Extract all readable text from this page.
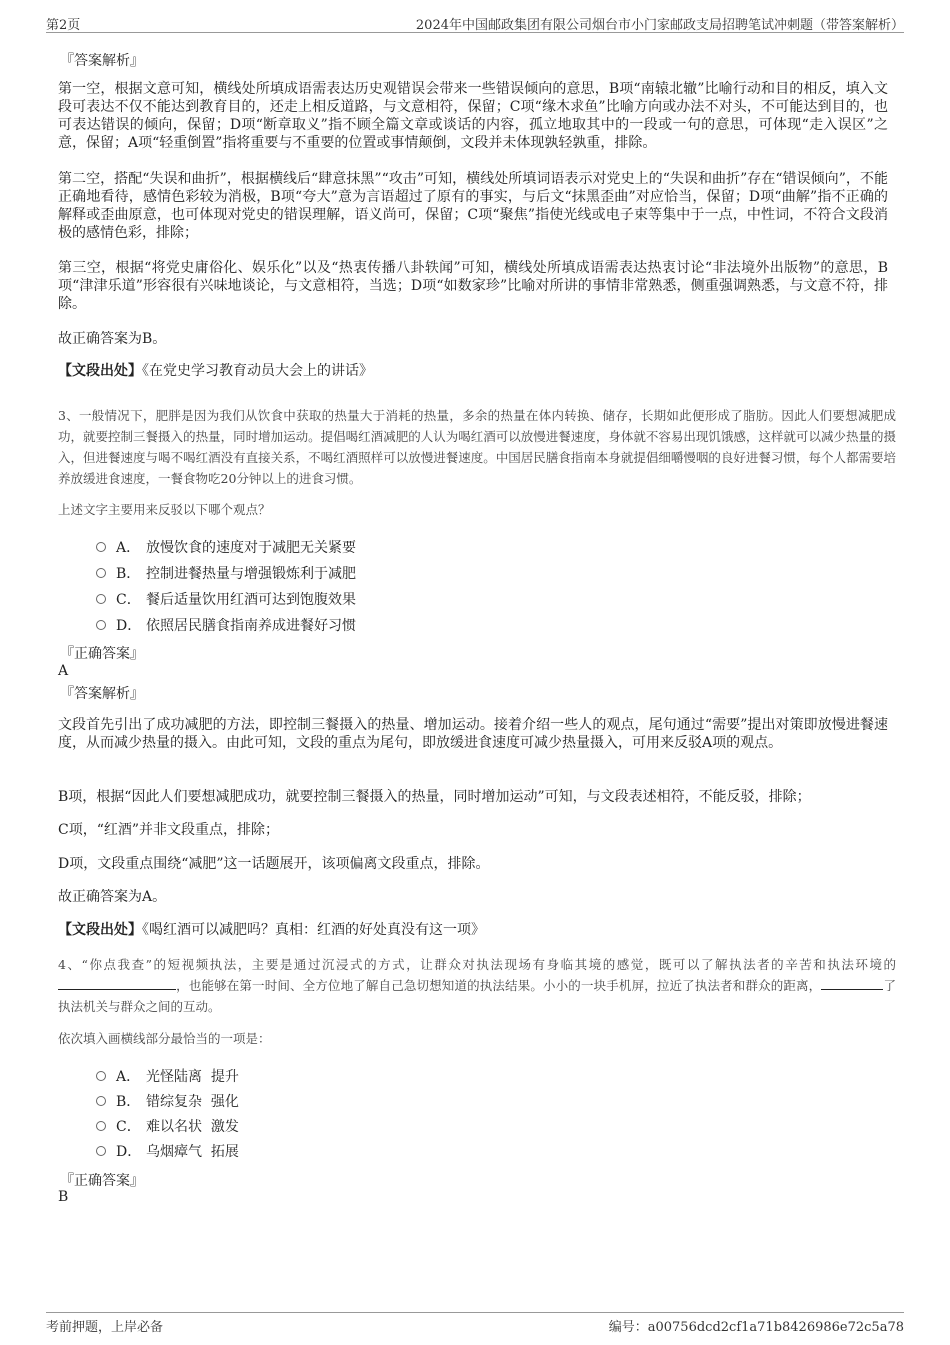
第2页	2024年中国邮政集团有限公司烟台市小门家邮政支局招聘笔试冲刺题（带答案解析）
『答案解析』
第一空，根据文意可知，横线处所填成语需表达历史观错误会带来一些错误倾向的意思，B项“南辕北辙”比喻行动和目的相反，填入文段可表达不仅不能达到教育目的，还走上相反道路，与文意相符，保留；C项“缘木求鱼”比喻方向或办法不对头，不可能达到目的，也可表达错误的倾向，保留；D项“断章取义”指不顾全篇文章或谈话的内容，孤立地取其中的一段或一句的意思，可体现“走入误区”之意，保留；A项“轻重倒置”指将重要与不重要的位置或事情颠倒，文段并未体现孰轻孰重，排除。
第二空，搭配“失误和曲折”，根据横线后“肆意抹黑”“攻击”可知，横线处所填词语表示对党史上的“失误和曲折”存在“错误倾向”，不能正确地看待，感情色彩较为消极，B项“夸大”意为言语超过了原有的事实，与后文“抹黑歪曲”对应恰当，保留；D项“曲解”指不正确的解释或歪曲原意，也可体现对党史的错误理解，语义尚可，保留；C项“聚焦”指使光线或电子束等集中于一点，中性词，不符合文段消极的感情色彩，排除；
第三空，根据“将党史庸俗化、娱乐化”以及“热衷传播八卦轶闻”可知，横线处所填成语需表达热衷讨论“非法境外出版物”的意思，B项“津津乐道”形容很有兴味地谈论，与文意相符，当选；D项“如数家珍”比喻对所讲的事情非常熟悉，侧重强调熟悉，与文意不符，排除。
故正确答案为B。
【文段出处】《在党史学习教育动员大会上的讲话》
3、一般情况下，肥胖是因为我们从饮食中获取的热量大于消耗的热量，多余的热量在体内转换、储存，长期如此便形成了脂肪。因此人们要想减肥成功，就要控制三餐摄入的热量，同时增加运动。提倡喝红酒减肥的人认为喝红酒可以放慢进餐速度，身体就不容易出现饥饿感，这样就可以减少热量的摄入，但进餐速度与喝不喝红酒没有直接关系，不喝红酒照样可以放慢进餐速度。中国居民膳食指南本身就提倡细嚼慢咽的良好进餐习惯，每个人都需要培养放缓进食速度，一餐食物吃20分钟以上的进食习惯。
上述文字主要用来反驳以下哪个观点？
A． 放慢饮食的速度对于减肥无关紧要
B． 控制进餐热量与增强锻炼利于减肥
C． 餐后适量饮用红酒可达到饱腹效果
D． 依照居民膳食指南养成进餐好习惯
『正确答案』
A
『答案解析』
文段首先引出了成功减肥的方法，即控制三餐摄入的热量、增加运动。接着介绍一些人的观点，尾句通过“需要”提出对策即放慢进餐速度，从而减少热量的摄入。由此可知，文段的重点为尾句，即放缓进食速度可减少热量摄入，可用来反驳A项的观点。
B项，根据“因此人们要想减肥成功，就要控制三餐摄入的热量，同时增加运动”可知，与文段表述相符，不能反驳，排除；
C项，“红酒”并非文段重点，排除；
D项，文段重点围绕“减肥”这一话题展开，该项偏离文段重点，排除。
故正确答案为A。
【文段出处】《喝红酒可以减肥吗？真相：红酒的好处真没有这一项》
4、“你点我查”的短视频执法，主要是通过沉浸式的方式，让群众对执法现场有身临其境的感觉，既可以了解执法者的辛苦和执法环境的，也能够在第一时间、全方位地了解自己急切想知道的执法结果。小小的一块手机屏，拉近了执法者和群众的距离，	了执法机关与群众之间的互动。
依次填入画横线部分最恰当的一项是：
A． 光怪陆离  提升
B． 错综复杂  强化
C． 难以名状  激发
D． 乌烟瘴气  拓展
『正确答案』
B
考前押题，上岸必备	编号：a00756dcd2cf1a71b8426986e72c5a78
